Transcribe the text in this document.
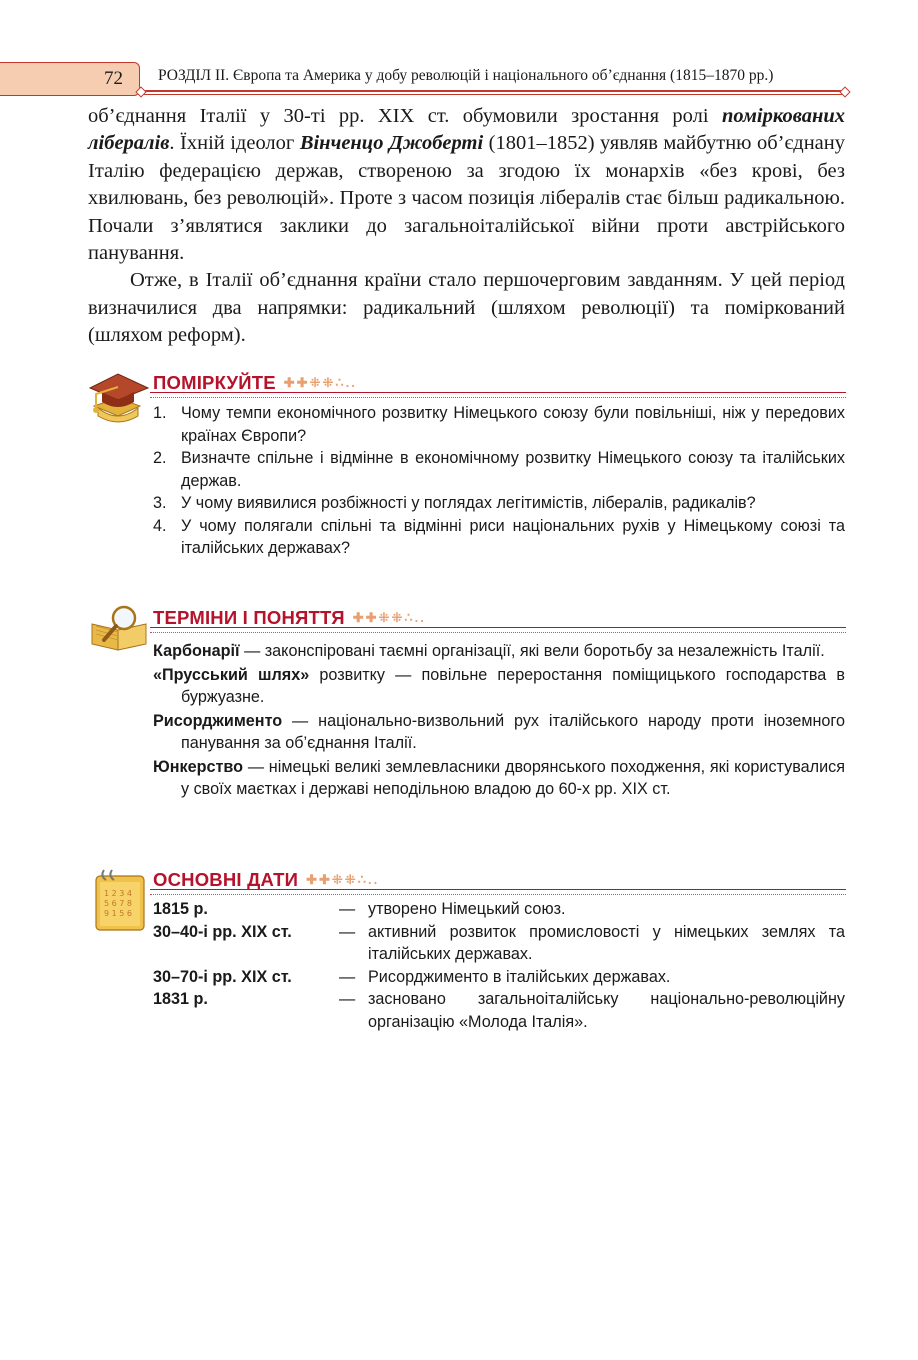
72 РОЗДІЛ II. Європа та Америка у добу революцій і національного об’єднання (1815–1870 рр.)

об’єднання Італії у 30-ті рр. XIX ст. обумовили зростання ролі поміркованих лібералів. Їхній ідеолог Вінченцо Джоберті (1801–1852) уявляв майбутню об’єднану Італію федерацією держав, створеною за згодою їх монархів «без крові, без хвилювань, без революцій». Проте з часом позиція лібералів стає більш радикальною. Почали з’являтися заклики до загальноіталійської війни проти австрійського панування.

Отже, в Італії об’єднання країни стало першочерговим завданням. У цей період визначилися два напрямки: радикальний (шляхом революції) та поміркований (шляхом реформ).

ПОМІРКУЙТЕ ✚✚⁜⁜∴..
1. Чому темпи економічного розвитку Німецького союзу були повільніші, ніж у передових країнах Європи?
2. Визначте спільне і відмінне в економічному розвитку Німецького союзу та італійських держав.
3. У чому виявилися розбіжності у поглядах легітимістів, лібералів, радикалів?
4. У чому полягали спільні та відмінні риси національних рухів у Німецькому союзі та італійських державах?
ТЕРМІНИ І ПОНЯТТЯ ✚✚⁜⁜∴..

Карбонарії — законспіровані таємні організації, які вели боротьбу за незалежність Італії.

«Прусський шлях» розвитку — повільне переростання поміщицького господарства в буржуазне.

Рисорджименто — національно-визвольний рух італійського народу проти іноземного панування за об’єднання Італії.

Юнкерство — німецькі великі землевласники дворянського походження, які користувалися у своїх маєтках і державі неподільною владою до 60-х рр. XIX ст.

1 2 3 4
5 6 7 8
9 1 5 6
ОСНОВНІ ДАТИ ✚✚⁜⁜∴..
1815 р.	—	утворено Німецький союз.
30–40-і рр. XIX ст.	—	активний розвиток промисловості у німецьких землях та італійських державах.
30–70-і рр. XIX ст.	—	Рисорджименто в італійських державах.
1831 р.	—	засновано загальноіталійську національно-революційну організацію «Молода Італія».
